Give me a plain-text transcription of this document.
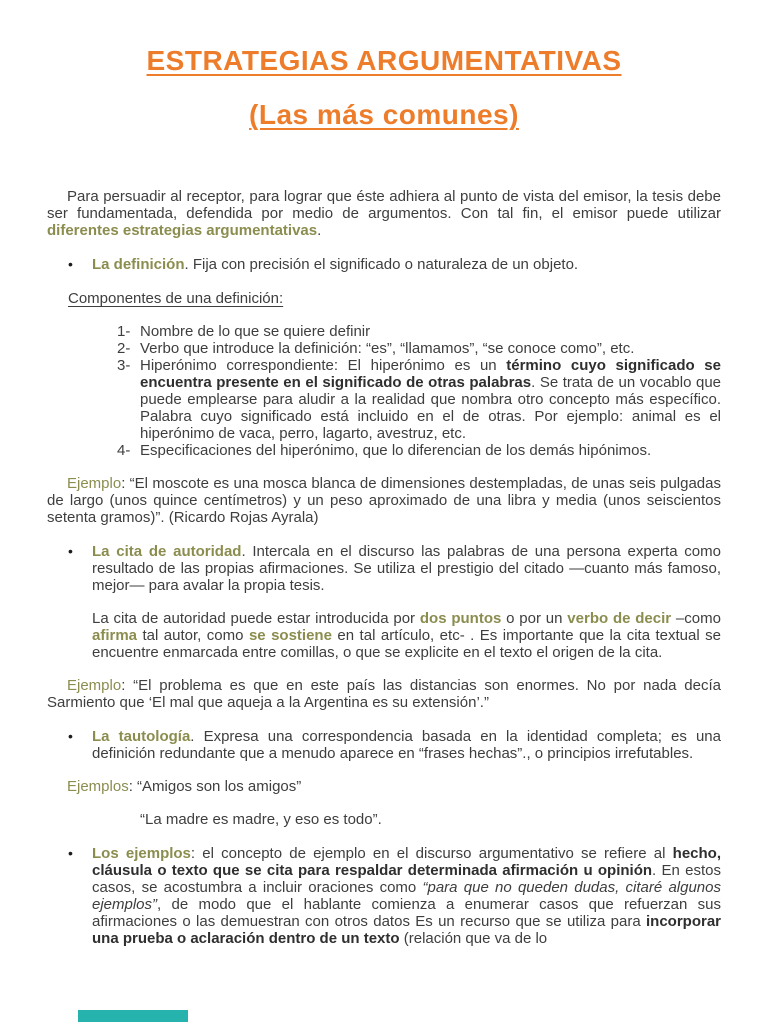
ESTRATEGIAS ARGUMENTATIVAS
(Las más comunes)
Para persuadir al receptor, para lograr que éste adhiera al punto de vista del emisor, la tesis debe ser fundamentada, defendida por medio de argumentos. Con tal fin, el emisor puede utilizar diferentes estrategias argumentativas.
• La definición. Fija con precisión el significado o naturaleza de un objeto.
Componentes de una definición:
1- Nombre de lo que se quiere definir
2- Verbo que introduce la definición: “es”, “llamamos”, “se conoce como”, etc.
3- Hiperónimo correspondiente: El hiperónimo es un término cuyo significado se encuentra presente en el significado de otras palabras. Se trata de un vocablo que puede emplearse para aludir a la realidad que nombra otro concepto más específico. Palabra cuyo significado está incluido en el de otras. Por ejemplo: animal es el hiperónimo de vaca, perro, lagarto, avestruz, etc.
4- Especificaciones del hiperónimo, que lo diferencian de los demás hipónimos.
Ejemplo: “El moscote es una mosca blanca de dimensiones destempladas, de unas seis pulgadas de largo (unos quince centímetros) y un peso aproximado de una libra y media (unos seiscientos setenta gramos)”. (Ricardo Rojas Ayrala)
• La cita de autoridad. Intercala en el discurso las palabras de una persona experta como resultado de las propias afirmaciones. Se utiliza el prestigio del citado —cuanto más famoso, mejor— para avalar la propia tesis.
La cita de autoridad puede estar introducida por dos puntos o por un verbo de decir –como afirma tal autor, como se sostiene en tal artículo, etc- . Es importante que la cita textual se encuentre enmarcada entre comillas, o que se explicite en el texto el origen de la cita.
Ejemplo: “El problema es que en este país las distancias son enormes. No por nada decía Sarmiento que ‘El mal que aqueja a la Argentina es su extensión’.”
• La tautología. Expresa una correspondencia basada en la identidad completa; es una definición redundante que a menudo aparece en “frases hechas”., o principios irrefutables.
Ejemplos: “Amigos son los amigos”
“La madre es madre, y eso es todo”.
• Los ejemplos: el concepto de ejemplo en el discurso argumentativo se refiere al hecho, cláusula o texto que se cita para respaldar determinada afirmación u opinión. En estos casos, se acostumbra a incluir oraciones como “para que no queden dudas, citaré algunos ejemplos”, de modo que el hablante comienza a enumerar casos que refuerzan sus afirmaciones o las demuestran con otros datos Es un recurso que se utiliza para incorporar una prueba o aclaración dentro de un texto (relación que va de lo
